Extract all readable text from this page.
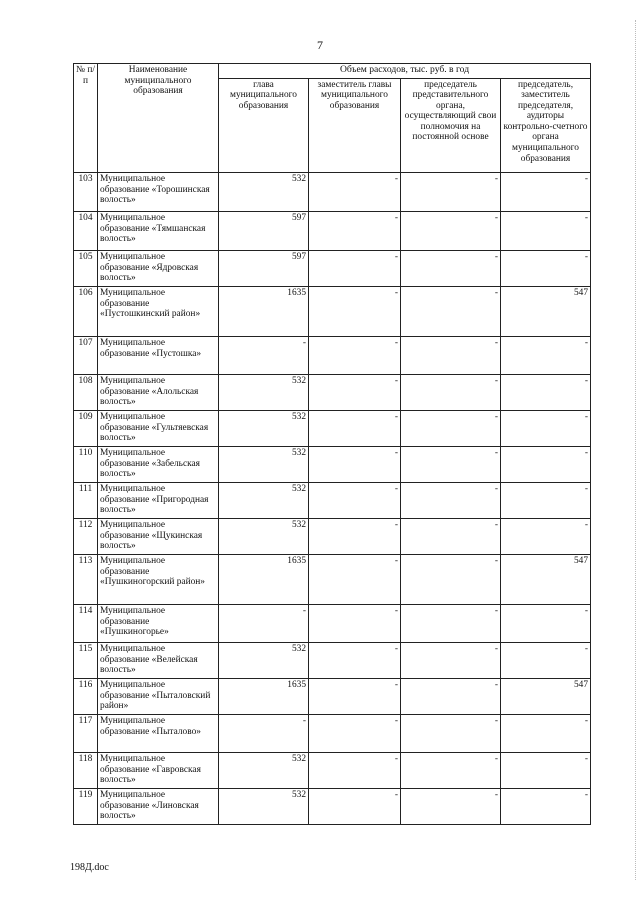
7
№ п/п	Наименование муниципального образования	Объем расходов, тыс. руб. в год			
		глава муниципального образования	заместитель главы муниципального образования	председатель представительного органа, осуществляющий свои полномочия на постоянной основе	председатель, заместитель председателя, аудиторы контрольно-счетного органа муниципального образования
103	Муниципальное образование «Торошинская волость»	532	-	-	-
104	Муниципальное образование «Тямшанская волость»	597	-	-	-
105	Муниципальное образование «Ядровская волость»	597	-	-	-
106	Муниципальное образование «Пустошкинский район»	1635	-	-	547
107	Муниципальное образование «Пустошка»	-	-	-	-
108	Муниципальное образование «Алольская волость»	532	-	-	-
109	Муниципальное образование «Гультяевская волость»	532	-	-	-
110	Муниципальное образование «Забельская волость»	532	-	-	-
111	Муниципальное образование «Пригородная волость»	532	-	-	-
112	Муниципальное образование «Щукинская волость»	532	-	-	-
113	Муниципальное образование «Пушкиногорский район»	1635	-	-	547
114	Муниципальное образование «Пушкиногорье»	-	-	-	-
115	Муниципальное образование «Велейская волость»	532	-	-	-
116	Муниципальное образование «Пыталовский район»	1635	-	-	547
117	Муниципальное образование «Пыталово»	-	-	-	-
118	Муниципальное образование «Гавровская волость»	532	-	-	-
119	Муниципальное образование «Линовская волость»	532	-	-	-
198Д.doc
